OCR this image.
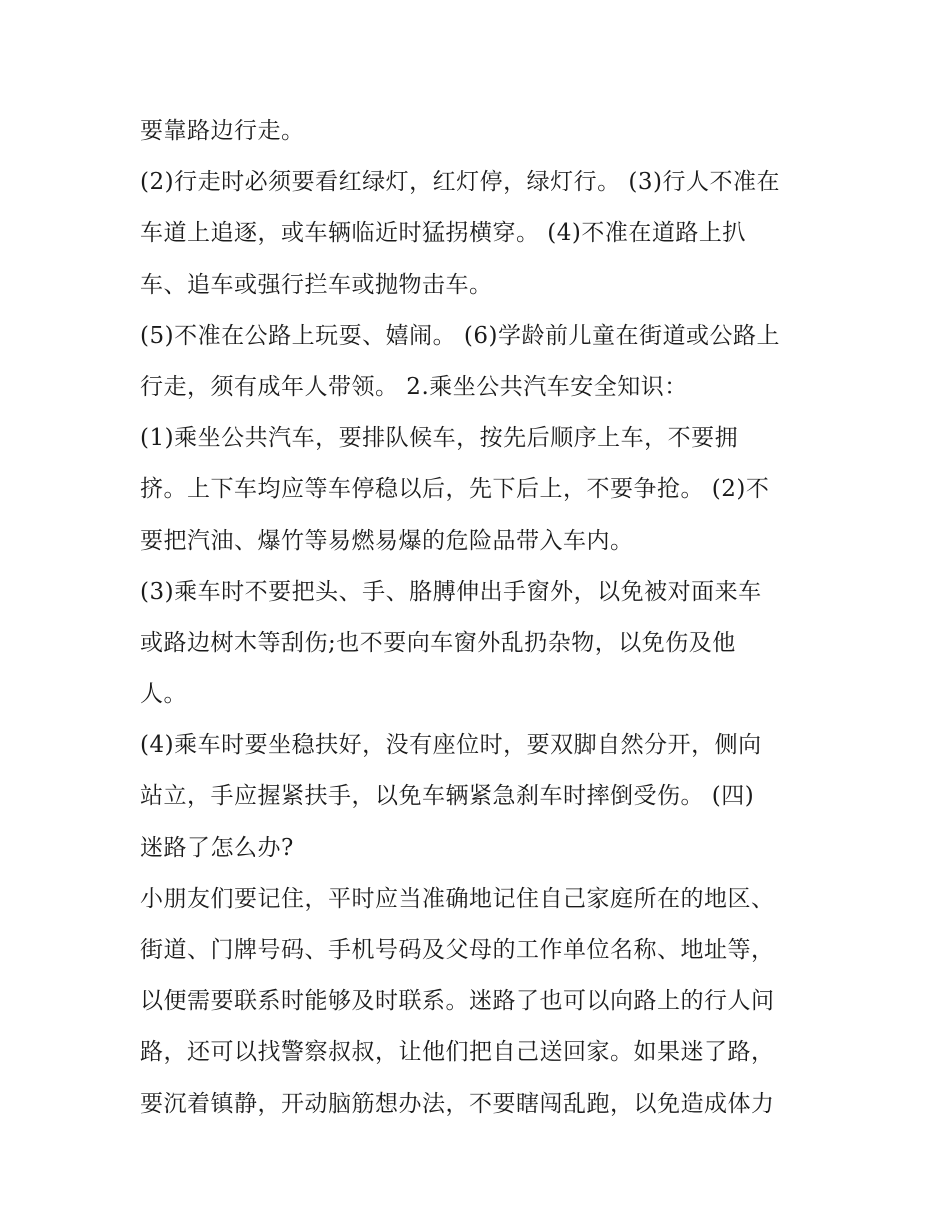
要靠路边行走。
(2)行走时必须要看红绿灯，红灯停，绿灯行。 (3)行人不准在
车道上追逐，或车辆临近时猛拐横穿。 (4)不准在道路上扒
车、追车或强行拦车或抛物击车。
(5)不准在公路上玩耍、嬉闹。 (6)学龄前儿童在街道或公路上
行走，须有成年人带领。 2.乘坐公共汽车安全知识：
(1)乘坐公共汽车，要排队候车，按先后顺序上车，不要拥
挤。上下车均应等车停稳以后，先下后上，不要争抢。 (2)不
要把汽油、爆竹等易燃易爆的危险品带入车内。
(3)乘车时不要把头、手、胳膊伸出手窗外，以免被对面来车
或路边树木等刮伤;也不要向车窗外乱扔杂物，以免伤及他
人。
(4)乘车时要坐稳扶好，没有座位时，要双脚自然分开，侧向
站立，手应握紧扶手，以免车辆紧急刹车时摔倒受伤。 (四)
迷路了怎么办?
小朋友们要记住，平时应当准确地记住自己家庭所在的地区、
街道、门牌号码、手机号码及父母的工作单位名称、地址等，
以便需要联系时能够及时联系。迷路了也可以向路上的行人问
路，还可以找警察叔叔，让他们把自己送回家。如果迷了路，
要沉着镇静，开动脑筋想办法，不要瞎闯乱跑，以免造成体力
